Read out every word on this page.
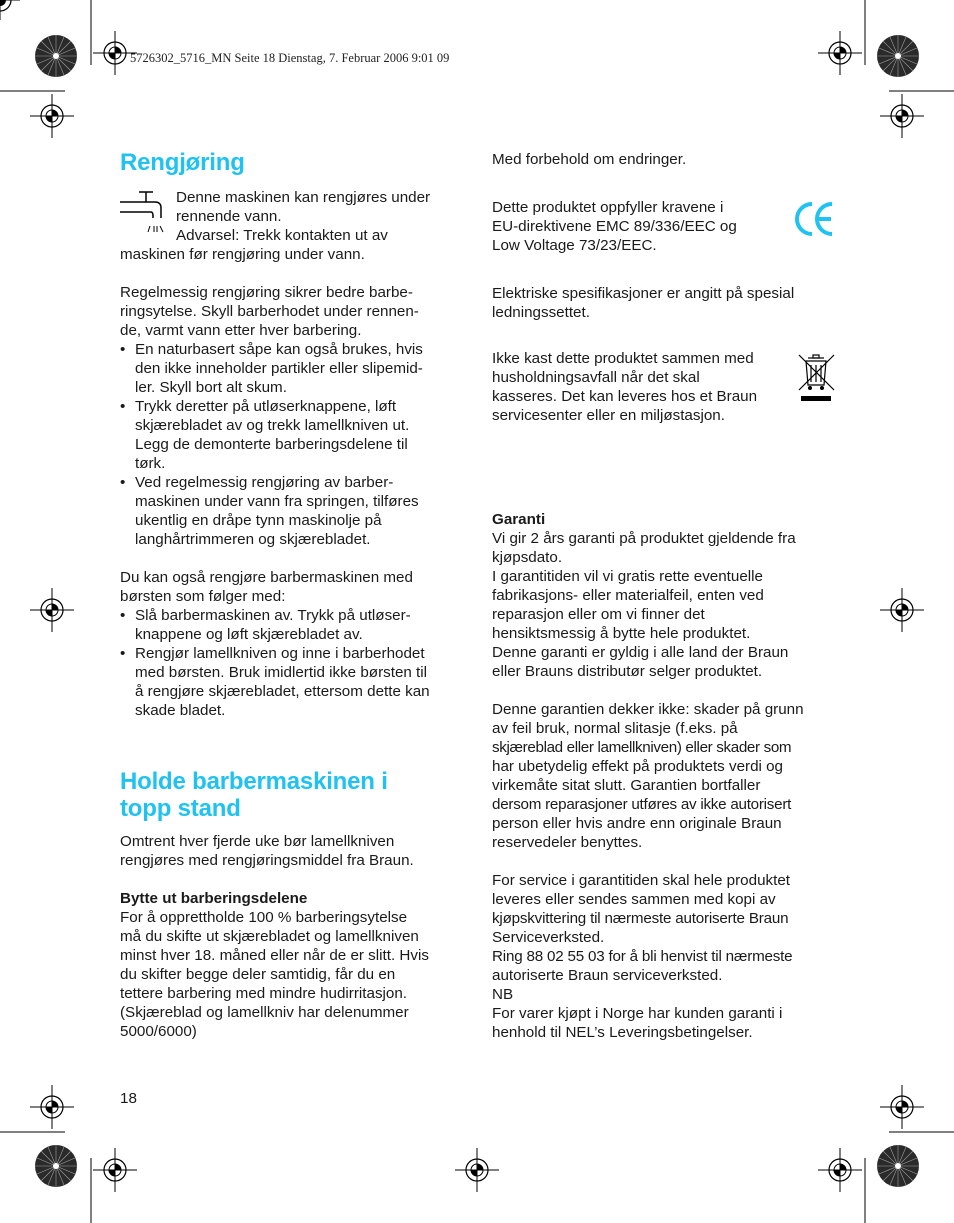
5726302_5716_MN Seite 18 Dienstag, 7. Februar 2006 9:01 09
Rengjøring
Denne maskinen kan rengjøres under
rennende vann.
Advarsel: Trekk kontakten ut av
maskinen før rengjøring under vann.
Regelmessig rengjøring sikrer bedre barbe-
ringsytelse. Skyll barberhodet under rennen-
de, varmt vann etter hver barbering.
• En naturbasert såpe kan også brukes, hvis
den ikke inneholder partikler eller slipemid-
ler. Skyll bort alt skum.
• Trykk deretter på utløserknappene, løft
skjærebladet av og trekk lamellkniven ut.
Legg de demonterte barberingsdelene til
tørk.
• Ved regelmessig rengjøring av barber-
maskinen under vann fra springen, tilføres
ukentlig en dråpe tynn maskinolje på
langhårtrimmeren og skjærebladet.
Du kan også rengjøre barbermaskinen med
børsten som følger med:
• Slå barbermaskinen av. Trykk på utløser-
knappene og løft skjærebladet av.
• Rengjør lamellkniven og inne i barberhodet
med børsten. Bruk imidlertid ikke børsten til
å rengjøre skjærebladet, ettersom dette kan
skade bladet.
Holde barbermaskinen i
topp stand
Omtrent hver fjerde uke bør lamellkniven
rengjøres med rengjøringsmiddel fra Braun.
Bytte ut barberingsdelene
For å opprettholde 100 % barberingsytelse
må du skifte ut skjærebladet og lamellkniven
minst hver 18. måned eller når de er slitt. Hvis
du skifter begge deler samtidig, får du en
tettere barbering med mindre hudirritasjon.
(Skjæreblad og lamellkniv har delenummer
5000/6000)
18
Med forbehold om endringer.
Dette produktet oppfyller kravene i
EU-direktivene EMC 89/336/EEC og
Low Voltage 73/23/EEC.
Elektriske spesifikasjoner er angitt på spesial
ledningssettet.
Ikke kast dette produktet sammen med
husholdningsavfall når det skal
kasseres. Det kan leveres hos et Braun
servicesenter eller en miljøstasjon.
Garanti
Vi gir 2 års garanti på produktet gjeldende fra
kjøpsdato.
I garantitiden vil vi gratis rette eventuelle
fabrikasjons- eller materialfeil, enten ved
reparasjon eller om vi finner det
hensiktsmessig å bytte hele produktet.
Denne garanti er gyldig i alle land der Braun
eller Brauns distributør selger produktet.
Denne garantien dekker ikke: skader på grunn
av feil bruk, normal slitasje (f.eks. på
skjæreblad eller lamellkniven) eller skader som
har ubetydelig effekt på produktets verdi og
virkemåte sitat slutt. Garantien bortfaller
dersom reparasjoner utføres av ikke autorisert
person eller hvis andre enn originale Braun
reservedeler benyttes.
For service i garantitiden skal hele produktet
leveres eller sendes sammen med kopi av
kjøpskvittering til nærmeste autoriserte Braun
Serviceverksted.
Ring 88 02 55 03 for å bli henvist til nærmeste
autoriserte Braun serviceverksted.
NB
For varer kjøpt i Norge har kunden garanti i
henhold til NEL’s Leveringsbetingelser.
